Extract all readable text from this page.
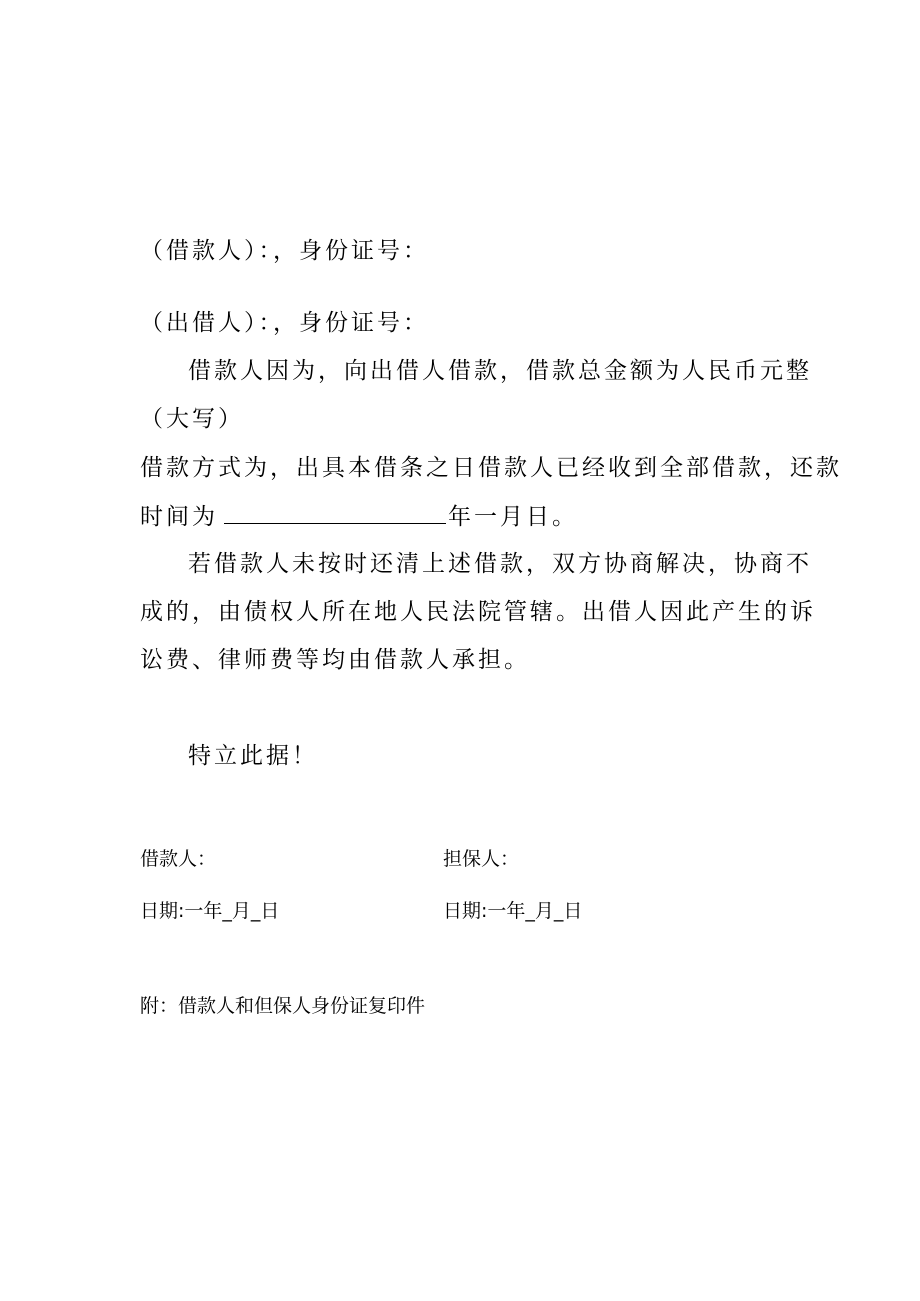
（借款人）：，身份证号：
（出借人）：，身份证号：
借款人因为，向出借人借款，借款总金额为人民币元整
（大写）
借款方式为，出具本借条之日借款人已经收到全部借款，还款
时间为	年一月日。
若借款人未按时还清上述借款，双方协商解决，协商不
成的，由债权人所在地人民法院管辖。出借人因此产生的诉
讼费、律师费等均由借款人承担。
特立此据！
借款人：	担保人：
日期:一年_月_日	日期:一年_月_日
附：借款人和但保人身份证复印件
